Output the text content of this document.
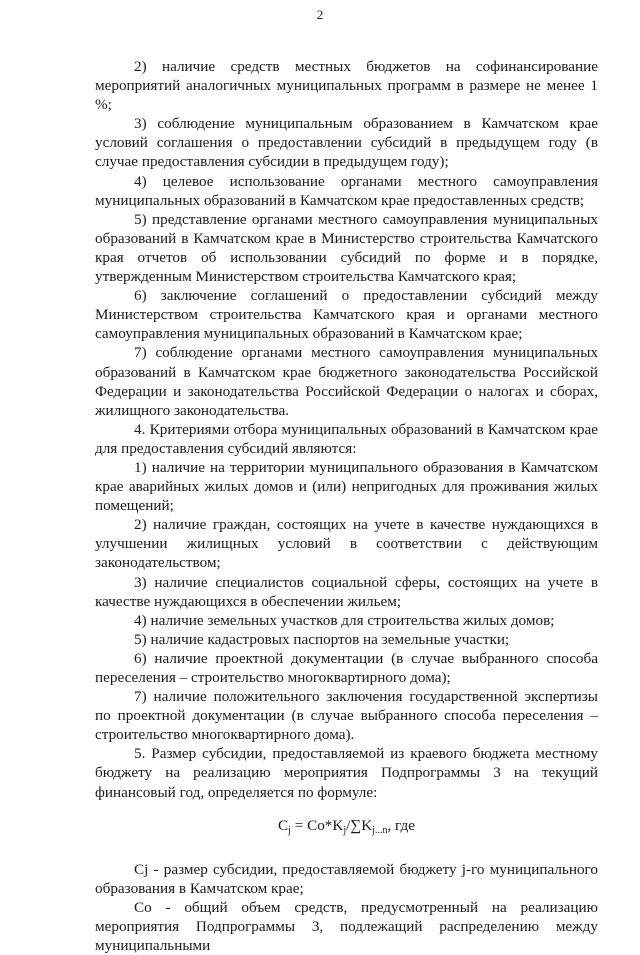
2

2) наличие средств местных бюджетов на софинансирование мероприятий аналогичных муниципальных программ в размере не менее 1 %;

3) соблюдение муниципальным образованием в Камчатском крае условий соглашения о предоставлении субсидий в предыдущем году (в случае предоставления субсидии в предыдущем году);

4) целевое использование органами местного самоуправления муниципальных образований в Камчатском крае предоставленных средств;

5) представление органами местного самоуправления муниципальных образований в Камчатском крае в Министерство строительства Камчатского края отчетов об использовании субсидий по форме и в порядке, утвержденным Министерством строительства Камчатского края;

6) заключение соглашений о предоставлении субсидий между Министерством строительства Камчатского края и органами местного самоуправления муниципальных образований в Камчатском крае;

7) соблюдение органами местного самоуправления муниципальных образований в Камчатском крае бюджетного законодательства Российской Федерации и законодательства Российской Федерации о налогах и сборах, жилищного законодательства.

4. Критериями отбора муниципальных образований в Камчатском крае для предоставления субсидий являются:

1) наличие на территории муниципального образования в Камчатском крае аварийных жилых домов и (или) непригодных для проживания жилых помещений;

2) наличие граждан, состоящих на учете в качестве нуждающихся в улучшении жилищных условий в соответствии с действующим законодательством;

3) наличие специалистов социальной сферы, состоящих на учете в качестве нуждающихся в обеспечении жильем;

4) наличие земельных участков для строительства жилых домов;

5) наличие кадастровых паспортов на земельные участки;

6) наличие проектной документации (в случае выбранного способа переселения – строительство многоквартирного дома);

7) наличие положительного заключения государственной экспертизы по проектной документации (в случае выбранного способа переселения – строительство многоквартирного дома).

5. Размер субсидии, предоставляемой из краевого бюджета местному бюджету на реализацию мероприятия Подпрограммы 3 на текущий финансовый год, определяется по формуле:

$C_j = Co*K_j/\sum K_{j...n}$, где

Cj - размер субсидии, предоставляемой бюджету j-го муниципального образования в Камчатском крае;

Co - общий объем средств, предусмотренный на реализацию мероприятия Подпрограммы 3, подлежащий распределению между муниципальными
